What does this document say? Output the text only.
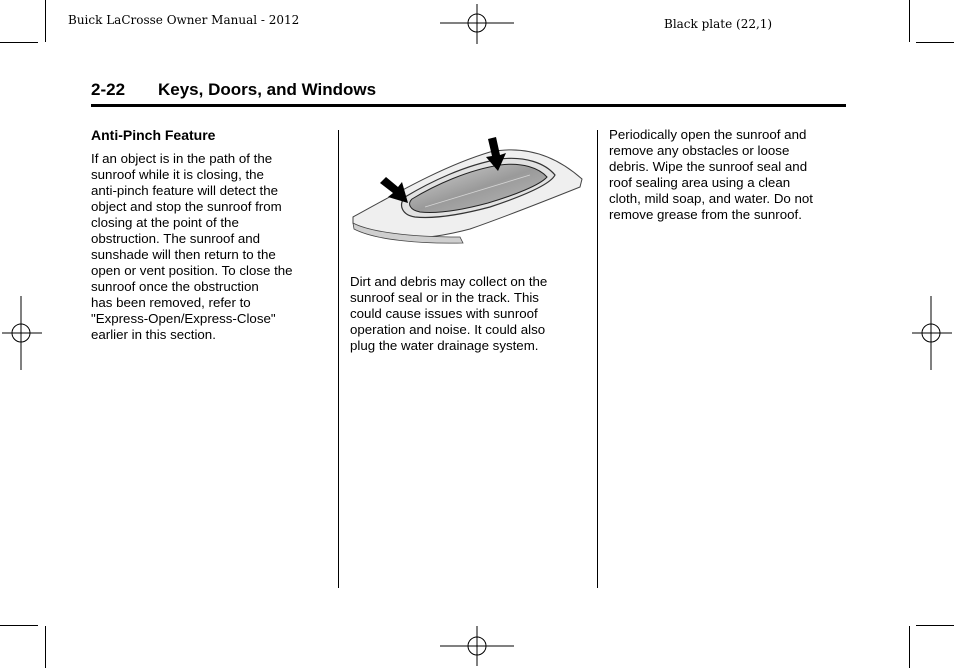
Buick LaCrosse Owner Manual - 2012	Black plate (22,1)
2-22 Keys, Doors, and Windows
Anti-Pinch Feature
If an object is in the path of the
sunroof while it is closing, the
anti-pinch feature will detect the
object and stop the sunroof from
closing at the point of the
obstruction. The sunroof and
sunshade will then return to the
open or vent position. To close the
sunroof once the obstruction
has been removed, refer to
"Express-Open/Express-Close"
earlier in this section.
Dirt and debris may collect on the
sunroof seal or in the track. This
could cause issues with sunroof
operation and noise. It could also
plug the water drainage system.
Periodically open the sunroof and
remove any obstacles or loose
debris. Wipe the sunroof seal and
roof sealing area using a clean
cloth, mild soap, and water. Do not
remove grease from the sunroof.
